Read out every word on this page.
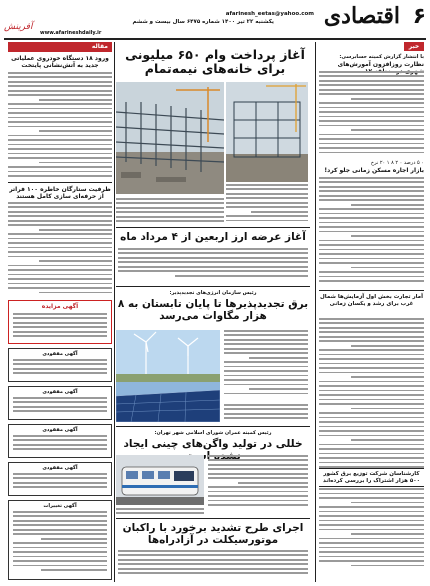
۶
اقتصادی
afarinesh_eetas@yahoo.com
یکشنبه ۲۲ تیر ۱۴۰۰ شماره ۶۴۷۵ سال بیست و ششم
www.afarineshdaily.ir
آفرینش
خبر
با انتشار گزارش کمیته حسابرسی:
نظارت روزافزون آمورش‌های
۰ ۵ درصد ۰ ۲ ۸ ۱ ۲۰ نرخ
بازار اجاره مسکن زمانی جلو کرد!
آمار تجارت بخش اول آزمایش‌ها شمال غرب برای رشد و یکسان زمانی
کارشناسان شرکت توزیع برق کشور ۵۰۰ هزار اشتراک را بررسی کرده‌اند
آغاز پرداخت وام ۶۵۰ میلیونی برای خانه‌های نیمه‌تمام
آغاز عرضه ارز اربعین از ۴ مرداد ماه
رئیس سازمان انرژی‌های تجدیدپذیر:
برق تجدیدپذیرها تا پایان تابستان به ۸ هزار مگاوات می‌رسد
رئیس کمیته عمران شورای اسلامی شهر تهران:
خللی در تولید واگن‌های چینی ایجاد
اجرای طرح تشدید برخورد با راکبان موتورسیکلت در آزادراه‌ها
مقاله
ورود ۱۸ دستگاه خودروی عملیاتی جدید به آتش‌نشانی پایتخت
ظرفیت ستارگان خاطره ۱۰۰ فراتر از حرفه‌ای سازی کامل هستند
آگهی مزایده
آگهی مفقودی
آگهی مفقودی
آگهی مفقودی
آگهی مفقودی
آگهی تغییرات
